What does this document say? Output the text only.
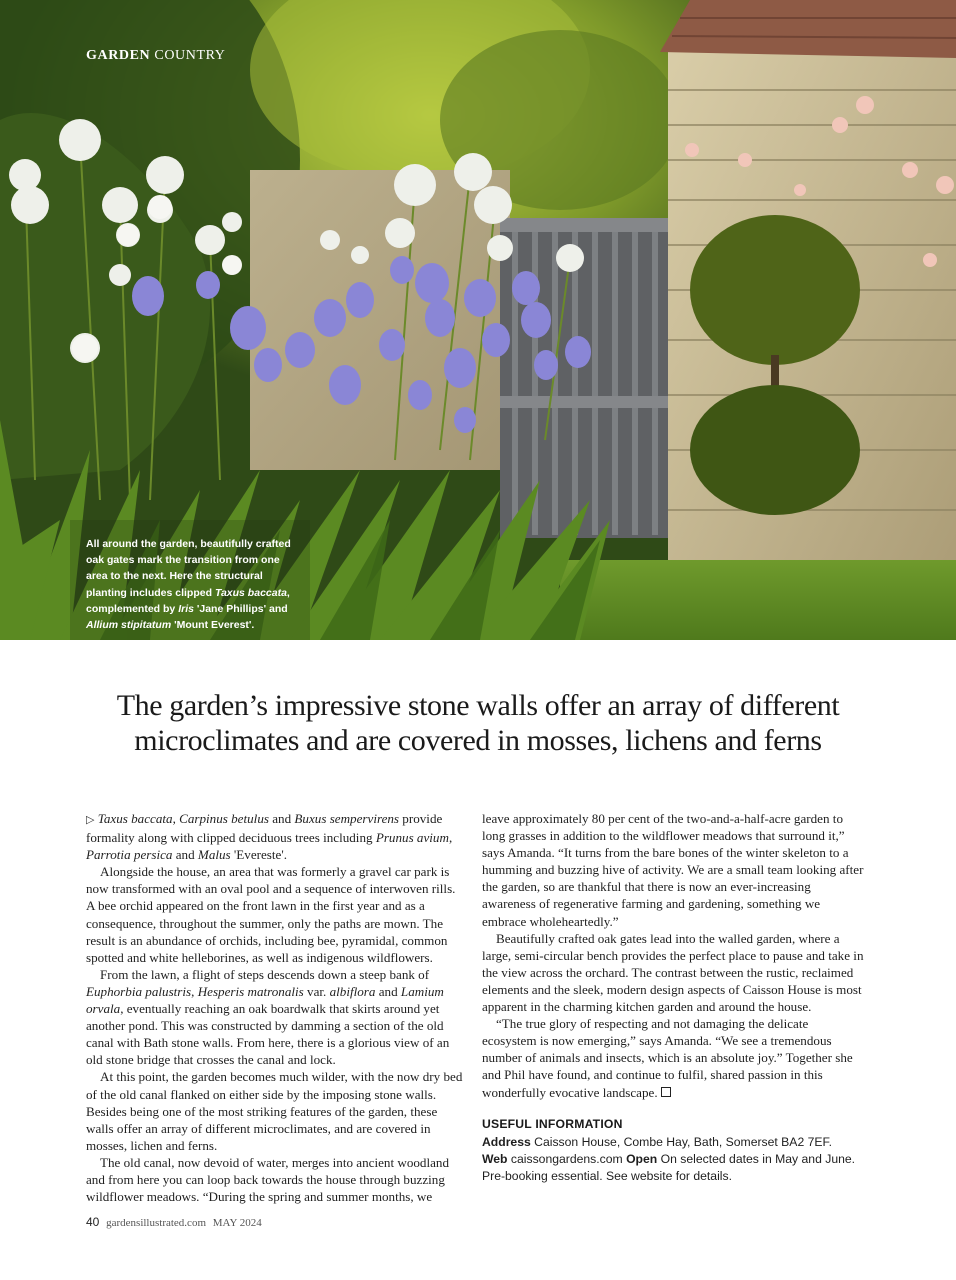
GARDEN COUNTRY
All around the garden, beautifully crafted oak gates mark the transition from one area to the next. Here the structural planting includes clipped Taxus baccata, complemented by Iris 'Jane Phillips' and Allium stipitatum 'Mount Everest'.
The garden’s impressive stone walls offer an array of different
microclimates and are covered in mosses, lichens and ferns

▷ Taxus baccata, Carpinus betulus and Buxus sempervirens provide formality along with clipped deciduous trees including Prunus avium, Parrotia persica and Malus 'Evereste'.

Alongside the house, an area that was formerly a gravel car park is now transformed with an oval pool and a sequence of interwoven rills. A bee orchid appeared on the front lawn in the first year and as a consequence, throughout the summer, only the paths are mown. The result is an abundance of orchids, including bee, pyramidal, common spotted and white helleborines, as well as indigenous wildflowers.

From the lawn, a flight of steps descends down a steep bank of Euphorbia palustris, Hesperis matronalis var. albiflora and Lamium orvala, eventually reaching an oak boardwalk that skirts around yet another pond. This was constructed by damming a section of the old canal with Bath stone walls. From here, there is a glorious view of an old stone bridge that crosses the canal and lock.

At this point, the garden becomes much wilder, with the now dry bed of the old canal flanked on either side by the imposing stone walls. Besides being one of the most striking features of the garden, these walls offer an array of different microclimates, and are covered in mosses, lichen and ferns.

The old canal, now devoid of water, merges into ancient woodland and from here you can loop back towards the house through buzzing wildflower meadows. “During the spring and summer months, we

leave approximately 80 per cent of the two-and-a-half-acre garden to long grasses in addition to the wildflower meadows that surround it,” says Amanda. “It turns from the bare bones of the winter skeleton to a humming and buzzing hive of activity. We are a small team looking after the garden, so are thankful that there is now an ever-increasing awareness of regenerative farming and gardening, something we embrace wholeheartedly.”

Beautifully crafted oak gates lead into the walled garden, where a large, semi-circular bench provides the perfect place to pause and take in the view across the orchard. The contrast between the rustic, reclaimed elements and the sleek, modern design aspects of Caisson House is most apparent in the charming kitchen garden and around the house.

“The true glory of respecting and not damaging the delicate ecosystem is now emerging,” says Amanda. “We see a tremendous number of animals and insects, which is an absolute joy.” Together she and Phil have found, and continue to fulfil, shared passion in this wonderfully evocative landscape.

USEFUL INFORMATION
Address Caisson House, Combe Hay, Bath, Somerset BA2 7EF.
Web caissongardens.com Open On selected dates in May and June. Pre-booking essential. See website for details.
40 gardensillustrated.com MAY 2024
